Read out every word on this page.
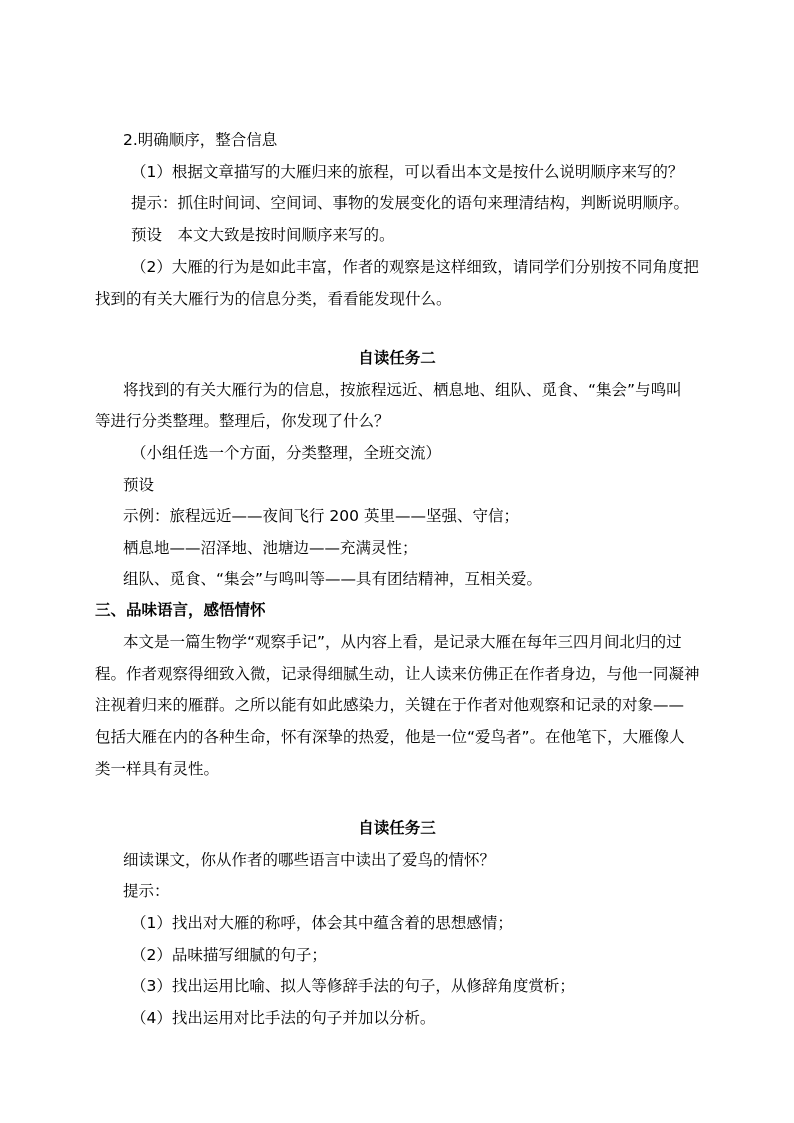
2.明确顺序，整合信息
（1）根据文章描写的大雁归来的旅程，可以看出本文是按什么说明顺序来写的？
提示：抓住时间词、空间词、事物的发展变化的语句来理清结构，判断说明顺序。
预设　本文大致是按时间顺序来写的。
（2）大雁的行为是如此丰富，作者的观察是这样细致，请同学们分别按不同角度把
找到的有关大雁行为的信息分类，看看能发现什么。
自读任务二
将找到的有关大雁行为的信息，按旅程远近、栖息地、组队、觅食、“集会”与鸣叫
等进行分类整理。整理后，你发现了什么？
（小组任选一个方面，分类整理，全班交流）
预设
示例：旅程远近——夜间飞行 200 英里——坚强、守信；
栖息地——沼泽地、池塘边——充满灵性；
组队、觅食、“集会”与鸣叫等——具有团结精神，互相关爱。
三、品味语言，感悟情怀
本文是一篇生物学“观察手记”，从内容上看，是记录大雁在每年三四月间北归的过
程。作者观察得细致入微，记录得细腻生动，让人读来仿佛正在作者身边，与他一同凝神
注视着归来的雁群。之所以能有如此感染力，关键在于作者对他观察和记录的对象——
包括大雁在内的各种生命，怀有深挚的热爱，他是一位“爱鸟者”。在他笔下，大雁像人
类一样具有灵性。
自读任务三
细读课文，你从作者的哪些语言中读出了爱鸟的情怀？
提示：
（1）找出对大雁的称呼，体会其中蕴含着的思想感情；
（2）品味描写细腻的句子；
（3）找出运用比喻、拟人等修辞手法的句子，从修辞角度赏析；
（4）找出运用对比手法的句子并加以分析。
